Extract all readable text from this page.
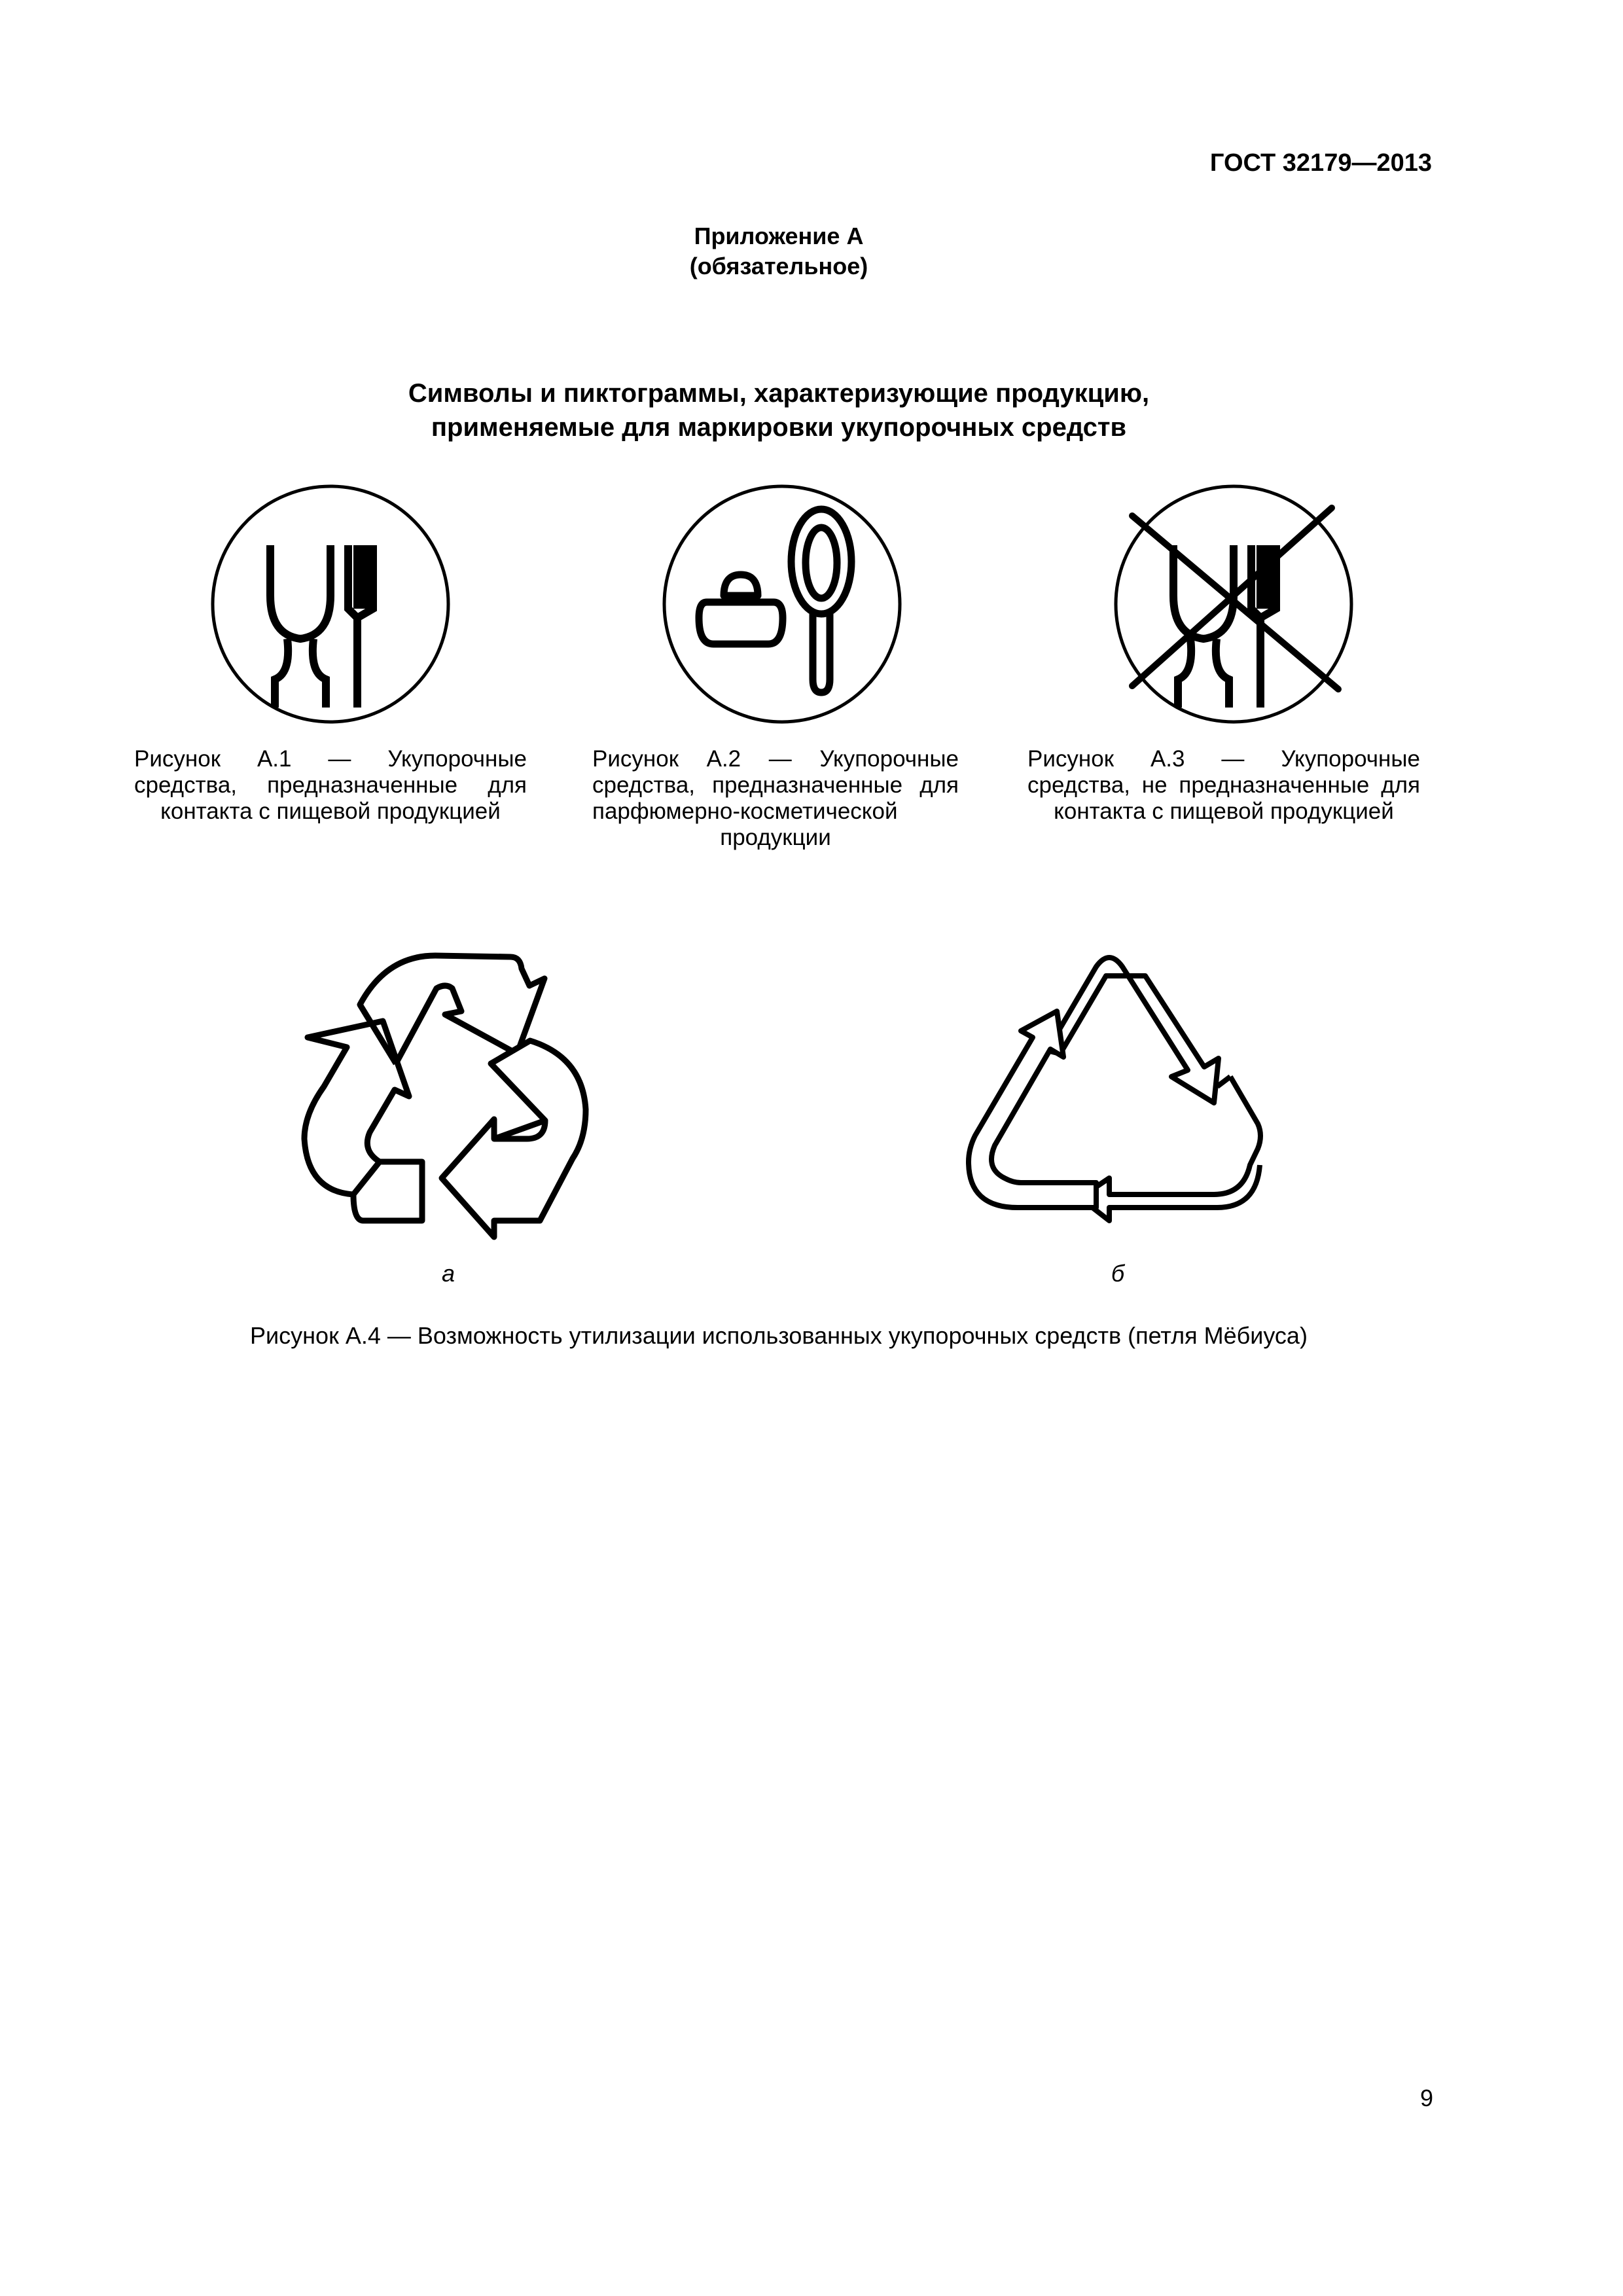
ГОСТ 32179—2013
Приложение А
(обязательное)
Символы и пиктограммы, характеризующие продукцию,
применяемые для маркировки укупорочных средств
Рисунок А.1 — Укупорочные средства, предназначенные для контакта с пищевой продукцией
Рисунок А.2 — Укупорочные средства, предназначенные для парфюмерно-косметической продукции
Рисунок А.3 — Укупорочные средства, не предназначенные для контакта с пищевой продукцией
а	б
Рисунок А.4 — Возможность утилизации использованных укупорочных средств (петля Мёбиуса)
9
